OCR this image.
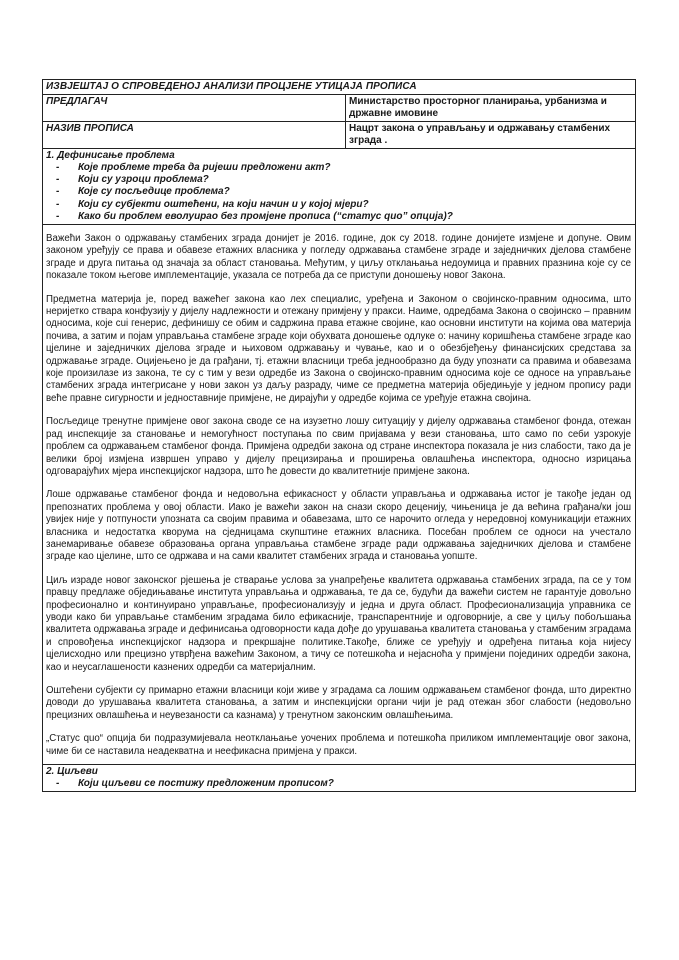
ИЗВЈЕШТАЈ О СПРОВЕДЕНОЈ АНАЛИЗИ ПРОЦЈЕНЕ УТИЦАЈА ПРОПИСА
ПРЕДЛАГАЧ	Министарство просторног планирања, урбанизма и државне имовине
НАЗИВ ПРОПИСА	Нацрт закона о управљању и одржавању стамбених зграда .
1. Дефинисање проблема
-	Које проблеме треба да ријеши предложени акт?
-	Који су узроци проблема?
-	Које су посљедице проблема?
-	Који су субјекти оштећени, на који начин и у којој мјери?
-	Како би проблем еволуирао без промјене прописа (“статус quo” опција)?

Важећи Закон о одржавању стамбених зграда донијет је 2016. године, док су 2018. године донијете измјене и допуне. Овим законом уређују се права и обавезе етажних власника у погледу одржавања стамбене зграде и заједничких дјелова стамбене зграде и друга питања од значаја за област становања. Међутим, у циљу отклањања недоумица и правних празнина које су се показале током његове имплементације, указала се потреба да се приступи доношењу новог Закона.

Предметна материја је, поред важећег закона као лех специалис, уређена и Законом о својинско-правним односима, што неријетко ствара конфузију у дијелу надлежности и отежану примјену у пракси. Наиме, одредбама Закона о својинско – правним односима, које сui генерис, дефинишу се обим и садржина права етажне својине, као основни институти на којима ова материја почива, а затим и појам управљања стамбене зграде који обухвата доношење одлуке о: начину коришћења стамбене зграде као цјелине и заједничких дјелова зграде и њиховом одржавању и чување, као и о обезбјеђењу финансијских средстава за одржавање зграде. Оцијењено је да грађани, тј. етажни власници треба једнообразно да буду упознати са правима и обавезама које произилазе из закона, те су с тим у вези одредбе из Закона о својинско-правним односима које се односе на управљање стамбених зграда интегрисане у нови закон уз даљу разраду, чиме се предметна материја обједињује у једном пропису ради веће правне сигурности и једноставније примјене, не дирајући у одредбе којима се уређује етажна својина.

Посљедице тренутне примјене овог закона своде се на изузетно лошу ситуацију у дијелу одржавања стамбеног фонда, отежан рад инспекције за становање и немогућност поступања по свим пријавама у вези становања, што само по себи узрокује проблем са одржавањем стамбеног фонда. Примјена одредби закона од стране инспектора показала је низ слабости, тако да је велики број измјена извршен управо у дијелу прецизирања и проширења овлашћења инспектора, односно изрицања одговарајућих мјера инспекцијског надзора, што ће довести до квалитетније примјене закона.

Лоше одржавање стамбеног фонда и недовољна ефикасност у области управљања и одржавања истог је такође један од препознатих проблема у овој области. Иако је важећи закон на снази скоро деценију, чињеница је да већина грађана/ки још увијек није у потпуности упозната са својим правима и обавезама, што се нарочито огледа у нередовној комуникацији етажних власника и недостатка кворума на сједницама скупштине етажних власника. Посебан проблем се односи на учестало занемаривање обавезе образовања органа управљања стамбене зграде ради одржавања заједничких дјелова и стамбене зграде као цјелине, што се одржава и на сами квалитет стамбених зграда и становања уопште.

Циљ израде новог законског рјешења је стварање услова за унапређење квалитета одржавања стамбених зграда, па се у том правцу предлаже обједињавање института управљања и одржавања, те да се, будући да важећи систем не гарантује довољно професионално и континуирано управљање, професионализују и једна и друга област. Професионализација управника се уводи како би управљање стамбеним зградама било ефикасније, транспарентније и одговорније, а све у циљу побољшања квалитета одржавања зграде и дефинисања одговорности када дође до урушавања квалитета становања у стамбеним зградама и спровођења инспекцијског надзора и прекршајне политике.Такође, ближе се уређују и одређена питања која нијесу цјелисходно или прецизно утврђена важећим Законом, а тичу се потешкоћа и нејасноћа у примјени појединих одредби закона, као и неусаглашености казнених одредби са материјалним.

Оштећени субјекти су примарно етажни власници који живе у зградама са лошим одржавањем стамбеног фонда, што директно доводи до урушавања квалитета становања, а затим и инспекцијски органи чији је рад отежан због слабости (недовољно прецизних овлашћења и неувезаности са казнама) у тренутном законским овлашћењима.

„Статус quo“ опција би подразумијевала неотклањање уочених проблема и потешкоћа приликом имплементације овог закона, чиме би се наставила неадекватна и неефикасна примјена у пракси.

2. Циљеви
-	Који циљеви се постижу предложеним прописом?
